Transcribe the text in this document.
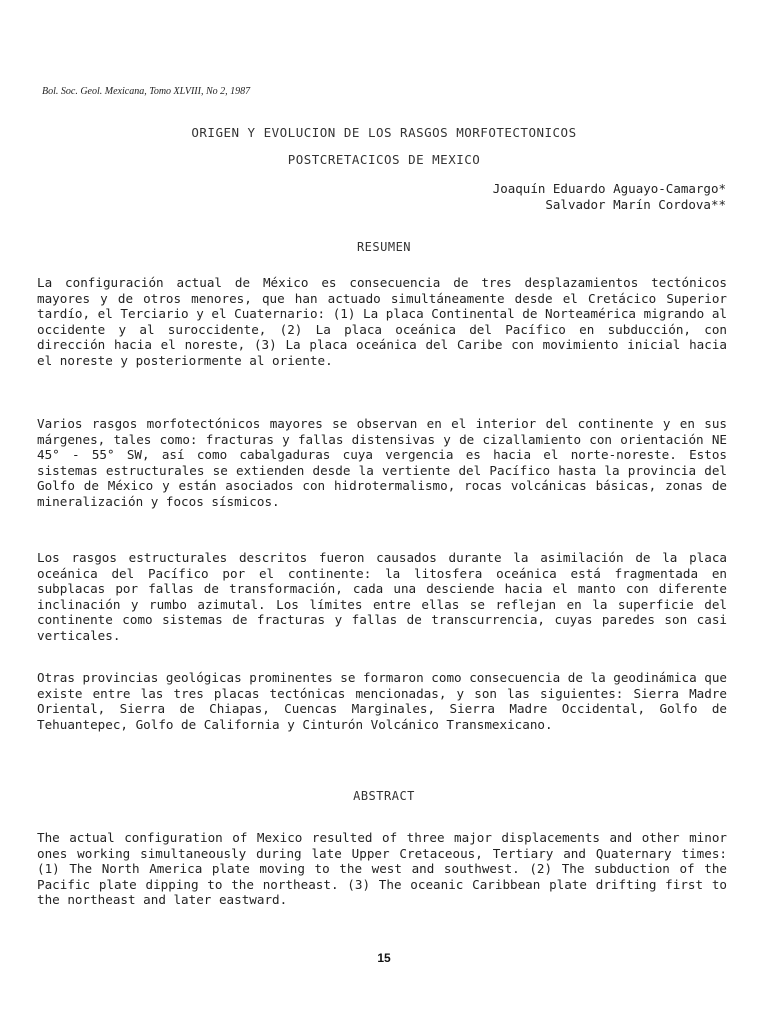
Bol. Soc. Geol. Mexicana, Tomo XLVIII, No 2, 1987
ORIGEN Y EVOLUCION DE LOS RASGOS MORFOTECTONICOS
POSTCRETACICOS DE MEXICO
Joaquín Eduardo Aguayo-Camargo*
Salvador Marín Cordova**
RESUMEN

La configuración actual de México es consecuencia de tres desplazamientos tectónicos mayores y de otros menores, que han actuado simultáneamente desde el Cretácico Superior tardío, el Terciario y el Cuaternario: (1) La placa Continental de Norteamérica migrando al occidente y al suroccidente, (2) La placa oceánica del Pacífico en subducción, con dirección hacia el noreste, (3) La placa oceánica del Caribe con movimiento inicial hacia el noreste y posteriormente al oriente.

Varios rasgos morfotectónicos mayores se observan en el interior del continente y en sus márgenes, tales como: fracturas y fallas distensivas y de cizallamiento con orientación NE 45° - 55° SW, así como cabalgaduras cuya vergencia es hacia el norte-noreste. Estos sistemas estructurales se extienden desde la vertiente del Pacífico hasta la provincia del Golfo de México y están asociados con hidrotermalismo, rocas volcánicas básicas, zonas de mineralización y focos sísmicos.

Los rasgos estructurales descritos fueron causados durante la asimilación de la placa oceánica del Pacífico por el continente: la litosfera oceánica está fragmentada en subplacas por fallas de transformación, cada una desciende hacia el manto con diferente inclinación y rumbo azimutal. Los límites entre ellas se reflejan en la superficie del continente como sistemas de fracturas y fallas de transcurrencia, cuyas paredes son casi verticales.

Otras provincias geológicas prominentes se formaron como consecuencia de la geodinámica que existe entre las tres placas tectónicas mencionadas, y son las siguientes: Sierra Madre Oriental, Sierra de Chiapas, Cuencas Marginales, Sierra Madre Occidental, Golfo de Tehuantepec, Golfo de California y Cinturón Volcánico Transmexicano.

ABSTRACT

The actual configuration of Mexico resulted of three major displacements and other minor ones working simultaneously during late Upper Cretaceous, Tertiary and Quaternary times: (1) The North America plate moving to the west and southwest. (2) The subduction of the Pacific plate dipping to the northeast. (3) The oceanic Caribbean plate drifting first to the northeast and later eastward.

15
